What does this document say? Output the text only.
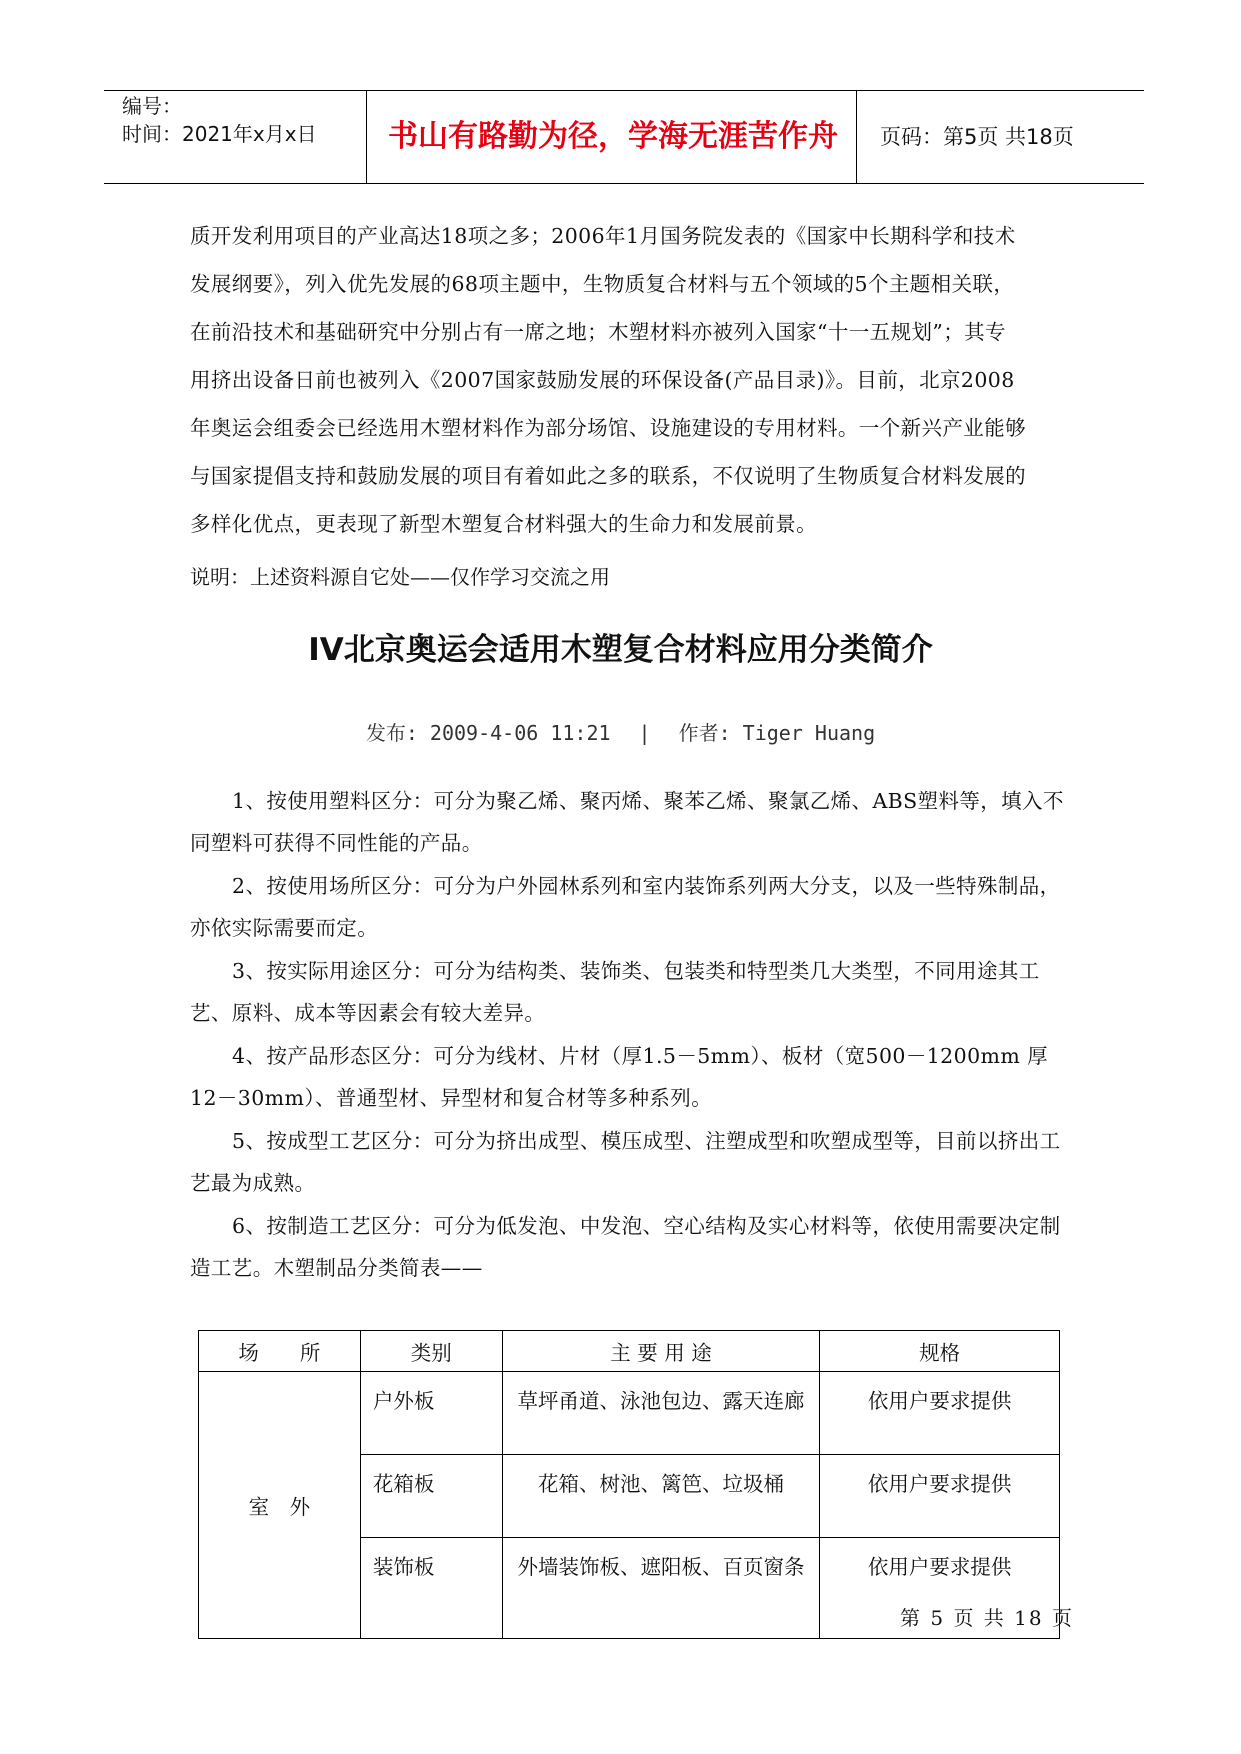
编号：
时间：2021年x月x日	书山有路勤为径，学海无涯苦作舟	页码：第5页 共18页
质开发利用项目的产业高达18项之多；2006年1月国务院发表的《国家中长期科学和技术
发展纲要》，列入优先发展的68项主题中，生物质复合材料与五个领域的5个主题相关联，
在前沿技术和基础研究中分别占有一席之地；木塑材料亦被列入国家“十一五规划”；其专
用挤出设备日前也被列入《2007国家鼓励发展的环保设备(产品目录)》。目前，北京2008
年奥运会组委会已经选用木塑材料作为部分场馆、设施建设的专用材料。一个新兴产业能够
与国家提倡支持和鼓励发展的项目有着如此之多的联系，不仅说明了生物质复合材料发展的
多样化优点，更表现了新型木塑复合材料强大的生命力和发展前景。
说明：上述资料源自它处——仅作学习交流之用
IV北京奥运会适用木塑复合材料应用分类简介
发布: 2009-4-06 11:21 | 作者: Tiger Huang

1、按使用塑料区分：可分为聚乙烯、聚丙烯、聚苯乙烯、聚氯乙烯、ABS塑料等，填入不同塑料可获得不同性能的产品。

2、按使用场所区分：可分为户外园林系列和室内装饰系列两大分支，以及一些特殊制品，亦依实际需要而定。

3、按实际用途区分：可分为结构类、装饰类、包装类和特型类几大类型，不同用途其工艺、原料、成本等因素会有较大差异。

4、按产品形态区分：可分为线材、片材（厚1.5－5mm）、板材（宽500－1200mm 厚12－30mm）、普通型材、异型材和复合材等多种系列。

5、按成型工艺区分：可分为挤出成型、模压成型、注塑成型和吹塑成型等，目前以挤出工艺最为成熟。

6、按制造工艺区分：可分为低发泡、中发泡、空心结构及实心材料等，依使用需要决定制造工艺。木塑制品分类简表——

场　　所	类别	主 要 用 途	规格
室　外	户外板	草坪甬道、泳池包边、露天连廊	依用户要求提供
	花箱板	花箱、树池、篱笆、垃圾桶	依用户要求提供
	装饰板	外墙装饰板、遮阳板、百页窗条	依用户要求提供
第 5 页 共 18 页
